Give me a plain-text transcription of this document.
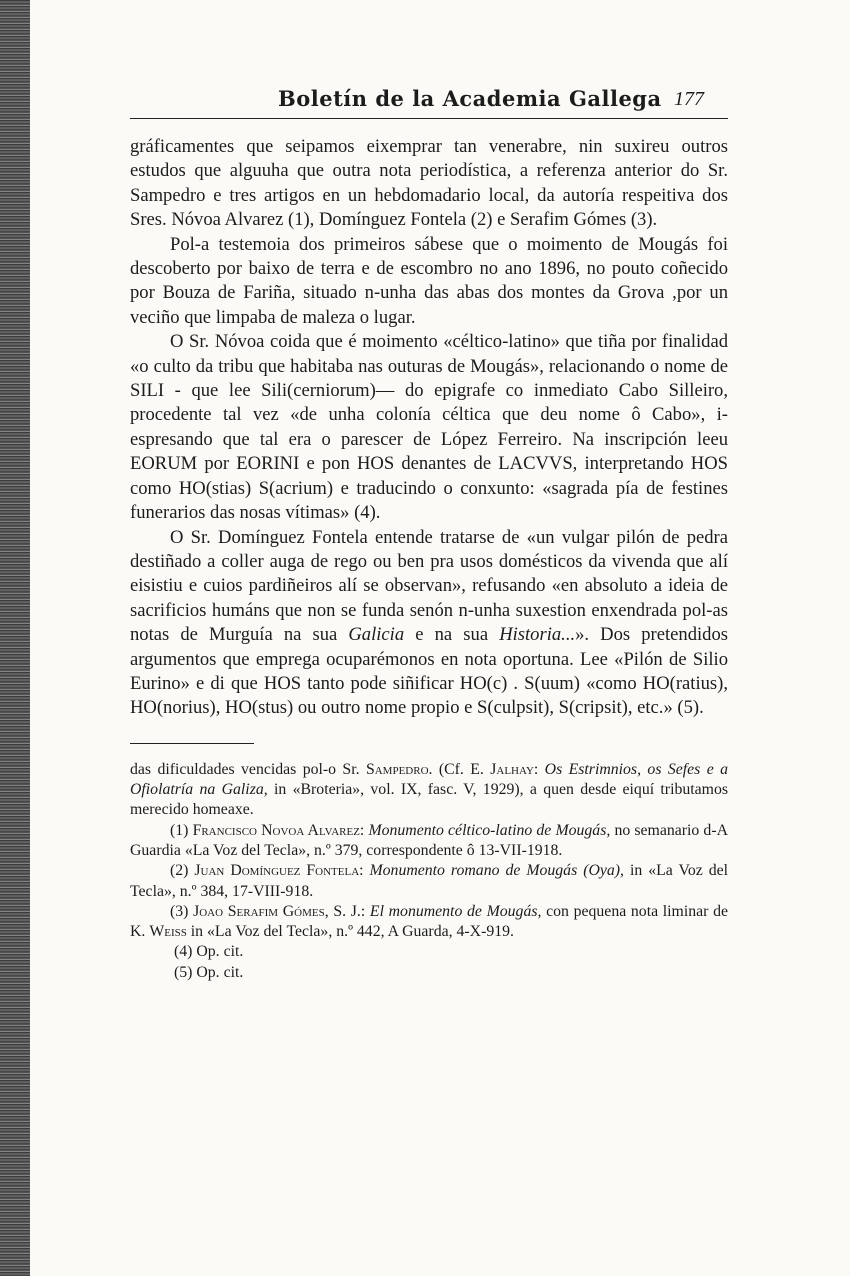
Boletín de la Academia Gallega 177

gráficamentes que seipamos eixemprar tan venerabre, nin suxireu outros estudos que alguuha que outra nota periodística, a referenza anterior do Sr. Sampedro e tres artigos en un hebdomadario local, da autoría respeitiva dos Sres. Nóvoa Alvarez (1), Domínguez Fontela (2) e Serafim Gómes (3).

Pol-a testemoia dos primeiros sábese que o moimento de Mougás foi descoberto por baixo de terra e de escombro no ano 1896, no pouto coñecido por Bouza de Fariña, situado n-unha das abas dos montes da Grova ,por un veciño que limpaba de maleza o lugar.

O Sr. Nóvoa coida que é moimento «céltico-latino» que tiña por finalidad «o culto da tribu que habitaba nas outuras de Mougás», relacionando o nome de SILI - que lee Sili(cerniorum)— do epigrafe co inmediato Cabo Silleiro, procedente tal vez «de unha colonía céltica que deu nome ô Cabo», i-espresando que tal era o parescer de López Ferreiro. Na inscripción leeu EORUM por EORINI e pon HOS denantes de LACVVS, interpretando HOS como HO(stias) S(acrium) e traducindo o conxunto: «sagrada pía de festines funerarios das nosas vítimas» (4).

O Sr. Domínguez Fontela entende tratarse de «un vulgar pilón de pedra destiñado a coller auga de rego ou ben pra usos domésticos da vivenda que alí eisistiu e cuios pardiñeiros alí se observan», refusando «en absoluto a ideia de sacrificios humáns que non se funda senón n-unha suxestion enxendrada pol-as notas de Murguía na sua Galicia e na sua Historia...». Dos pretendidos argumentos que emprega ocuparémonos en nota oportuna. Lee «Pilón de Silio Eurino» e di que HOS tanto pode siñificar HO(c) . S(uum) «como HO(ratius), HO(norius), HO(stus) ou outro nome propio e S(culpsit), S(cripsit), etc.» (5).

das dificuldades vencidas pol-o Sr. Sampedro. (Cf. E. Jalhay: Os Estrimnios, os Sefes e a Ofiolatría na Galiza, in «Broteria», vol. IX, fasc. V, 1929), a quen desde eiquí tributamos merecido homeaxe.

(1) Francisco Novoa Alvarez: Monumento céltico-latino de Mougás, no semanario d-A Guardia «La Voz del Tecla», n.º 379, correspondente ô 13-VII-1918.

(2) Juan Domínguez Fontela: Monumento romano de Mougás (Oya), in «La Voz del Tecla», n.º 384, 17-VIII-918.

(3) Joao Serafim Gómes, S. J.: El monumento de Mougás, con pequena nota liminar de K. Weiss in «La Voz del Tecla», n.º 442, A Guarda, 4-X-919.

(4) Op. cit.

(5) Op. cit.
